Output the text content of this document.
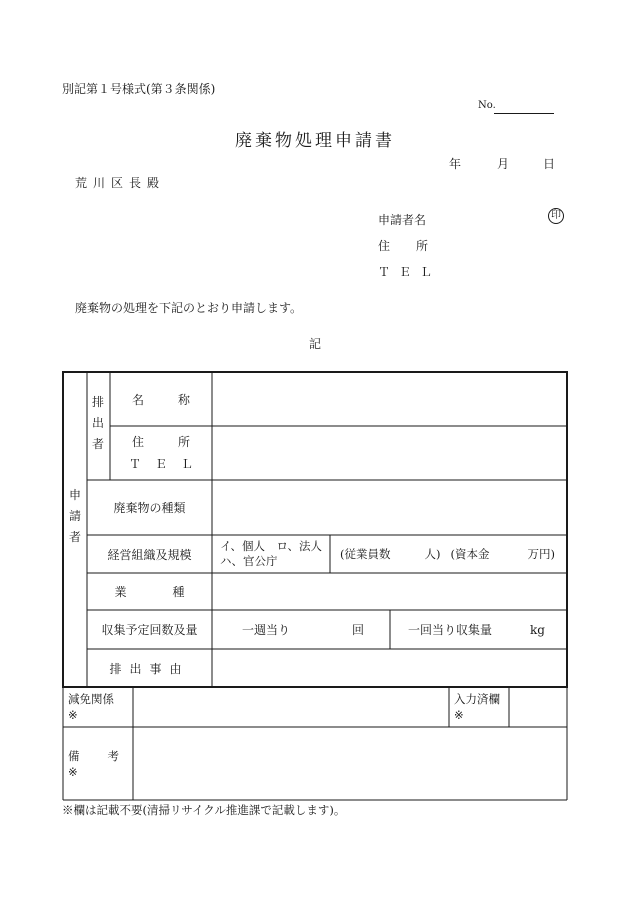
別記第１号様式(第３条関係)
No.
廃棄物処理申請書
年	月	日
荒川区長殿
申請者名	印
住 所
ＴＥＬ
廃棄物の処理を下記のとおり申請します。
記
申請者
排出者
名	称
住	所
ＴＥＬ
廃棄物の種類
経営組織及規模
イ、個人　ロ、法人
ハ、官公庁	(従業員数	人) (資本金	万円)
業	種
収集予定回数及量	一週当り	回	一回当り収集量	kg
排出事由
減免関係
※
入力済欄
※
備 考
※
※欄は記載不要(清掃リサイクル推進課で記載します)。
